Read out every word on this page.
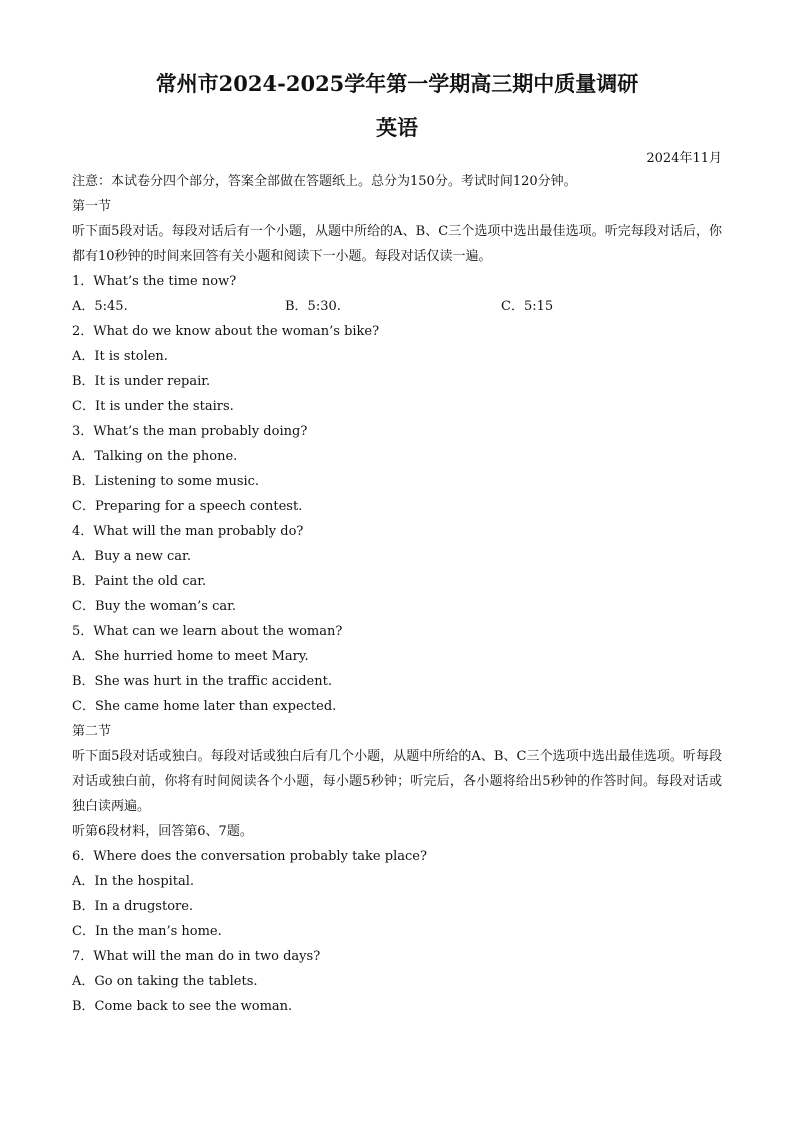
常州市2024-2025学年第一学期高三期中质量调研
英语

2024年11月

注意：本试卷分四个部分，答案全部做在答题纸上。总分为150分。考试时间120分钟。

第一节

听下面5段对话。每段对话后有一个小题，从题中所给的A、B、C三个选项中选出最佳选项。听完每段对话后，你都有10秒钟的时间来回答有关小题和阅读下一小题。每段对话仅读一遍。

1．What’s the time now?

A．5:45.	B．5:30.	C．5:15

2．What do we know about the woman’s bike?

A．It is stolen.

B．It is under repair.

C．It is under the stairs.

3．What’s the man probably doing?

A．Talking on the phone.

B．Listening to some music.

C．Preparing for a speech contest.

4．What will the man probably do?

A．Buy a new car.

B．Paint the old car.

C．Buy the woman’s car.

5．What can we learn about the woman?

A．She hurried home to meet Mary.

B．She was hurt in the traffic accident.

C．She came home later than expected.

第二节

听下面5段对话或独白。每段对话或独白后有几个小题，从题中所给的A、B、C三个选项中选出最佳选项。听每段对话或独白前，你将有时间阅读各个小题，每小题5秒钟；听完后，各小题将给出5秒钟的作答时间。每段对话或独白读两遍。

听第6段材料，回答第6、7题。

6．Where does the conversation probably take place?

A．In the hospital.

B．In a drugstore.

C．In the man’s home.

7．What will the man do in two days?

A．Go on taking the tablets.

B．Come back to see the woman.
